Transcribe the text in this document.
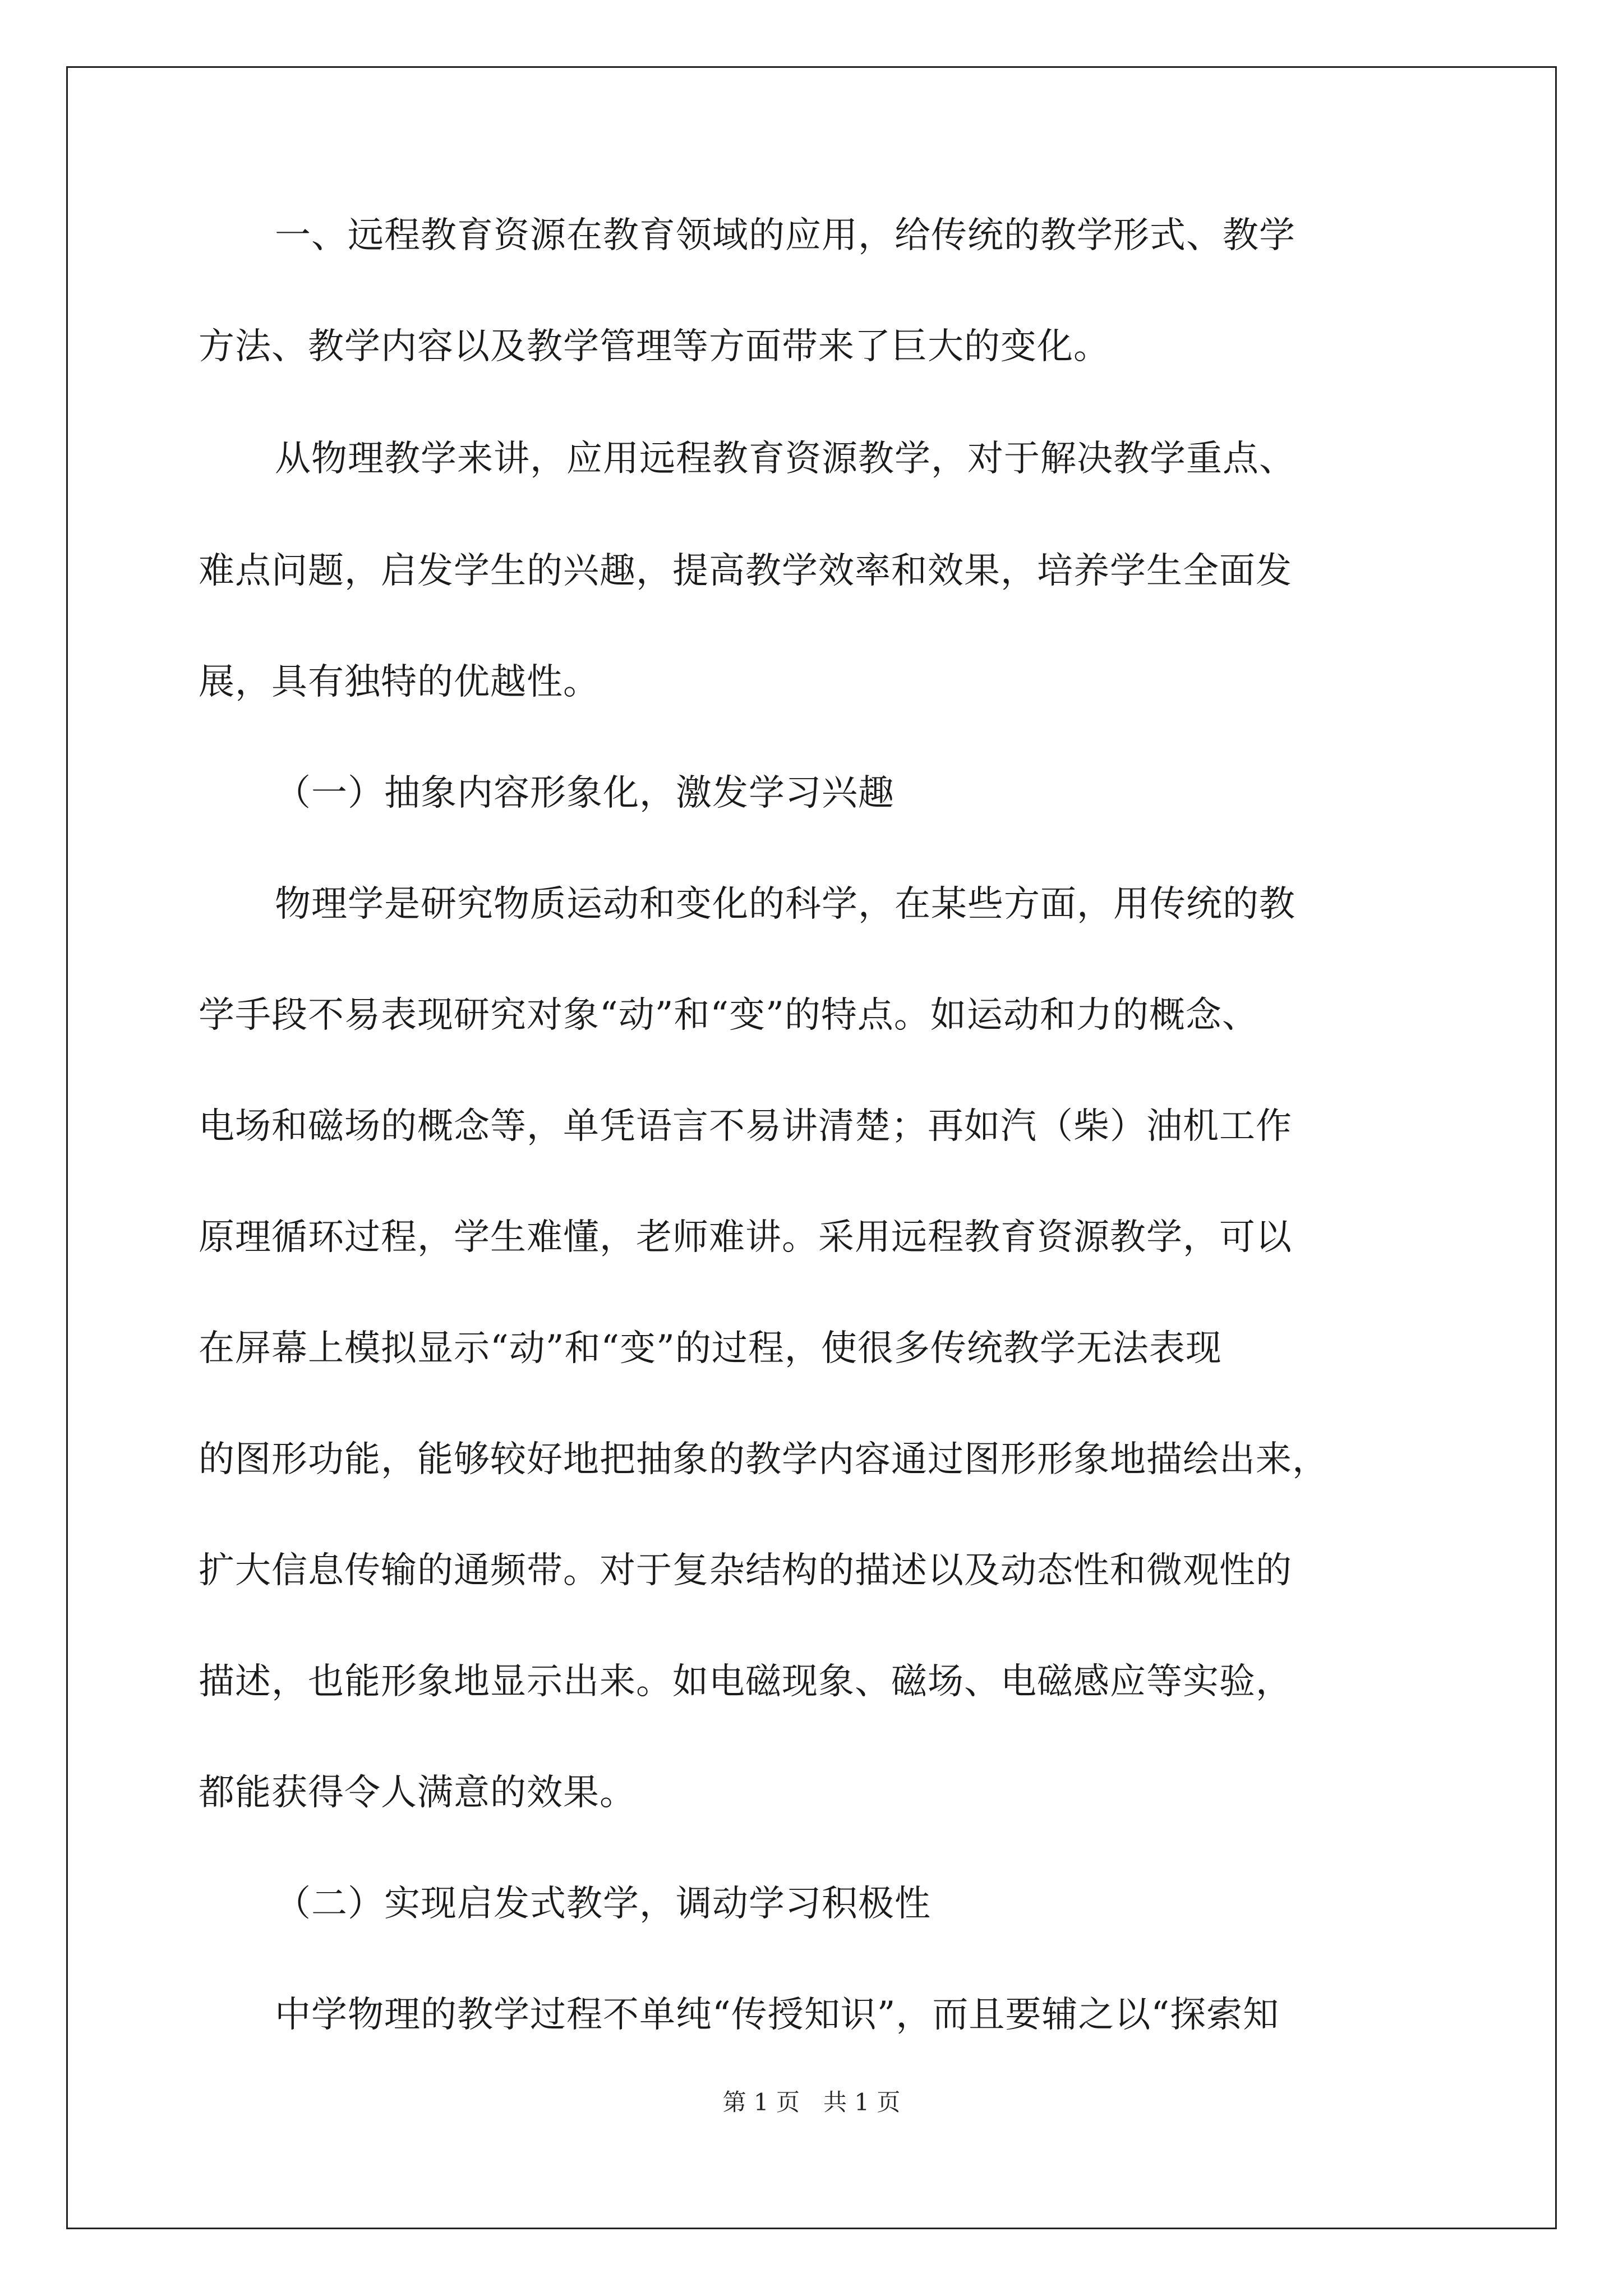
一、远程教育资源在教育领域的应用，给传统的教学形式、教学
方法、教学内容以及教学管理等方面带来了巨大的变化。
从物理教学来讲，应用远程教育资源教学，对于解决教学重点、
难点问题，启发学生的兴趣，提高教学效率和效果，培养学生全面发
展，具有独特的优越性。
（一）抽象内容形象化，激发学习兴趣
物理学是研究物质运动和变化的科学，在某些方面，用传统的教
学手段不易表现研究对象“动”和“变”的特点。如运动和力的概念、
电场和磁场的概念等，单凭语言不易讲清楚；再如汽（柴）油机工作
原理循环过程，学生难懂，老师难讲。采用远程教育资源教学，可以
在屏幕上模拟显示“动”和“变”的过程，使很多传统教学无法表现
的图形功能，能够较好地把抽象的教学内容通过图形形象地描绘出来，
扩大信息传输的通频带。对于复杂结构的描述以及动态性和微观性的
描述，也能形象地显示出来。如电磁现象、磁场、电磁感应等实验，
都能获得令人满意的效果。
（二）实现启发式教学，调动学习积极性
中学物理的教学过程不单纯“传授知识”，而且要辅之以“探索知
第 1 页　共 1 页
